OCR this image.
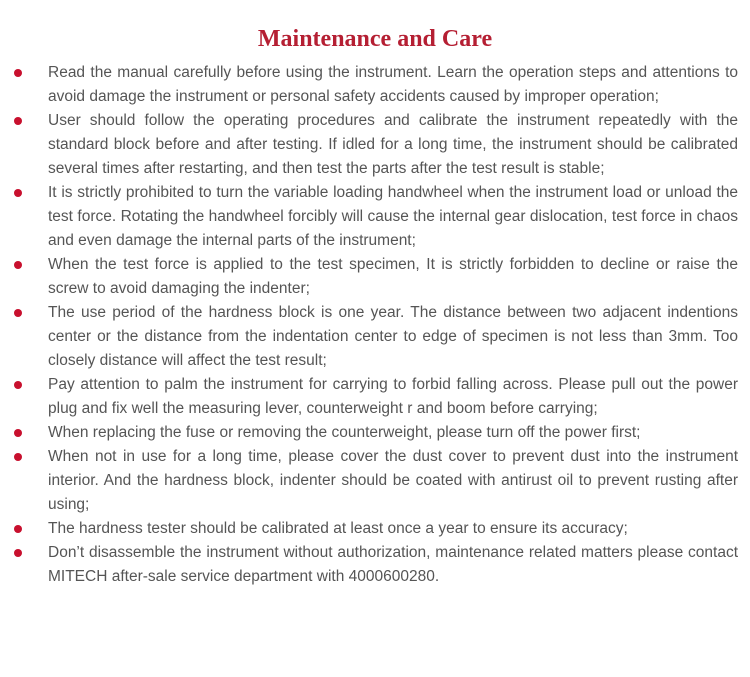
Maintenance and Care
Read the manual carefully before using the instrument. Learn the operation steps and attentions to avoid damage the instrument or personal safety accidents caused by improper operation;
User should follow the operating procedures and calibrate the instrument repeatedly with the standard block before and after testing. If idled for a long time, the instrument should be calibrated several times after restarting, and then test the parts after the test result is stable;
It is strictly prohibited to turn the variable loading handwheel when the instrument load or unload the test force. Rotating the handwheel forcibly will cause the internal gear dislocation, test force in chaos and even damage the internal parts of the instrument;
When the test force is applied to the test specimen, It is strictly forbidden to decline or raise the screw to avoid damaging the indenter;
The use period of the hardness block is one year. The distance between two adjacent indentions center or the distance from the indentation center to edge of specimen is not less than 3mm. Too closely distance will affect the test result;
Pay attention to palm the instrument for carrying to forbid falling across. Please pull out the power plug and fix well the measuring lever, counterweight r and boom before carrying;
When replacing the fuse or removing the counterweight, please turn off the power first;
When not in use for a long time, please cover the dust cover to prevent dust into the instrument interior. And the hardness block, indenter should be coated with antirust oil to prevent rusting after using;
The hardness tester should be calibrated at least once a year to ensure its accuracy;
Don’t disassemble the instrument without authorization, maintenance related matters please contact MITECH after-sale service department with 4000600280.
